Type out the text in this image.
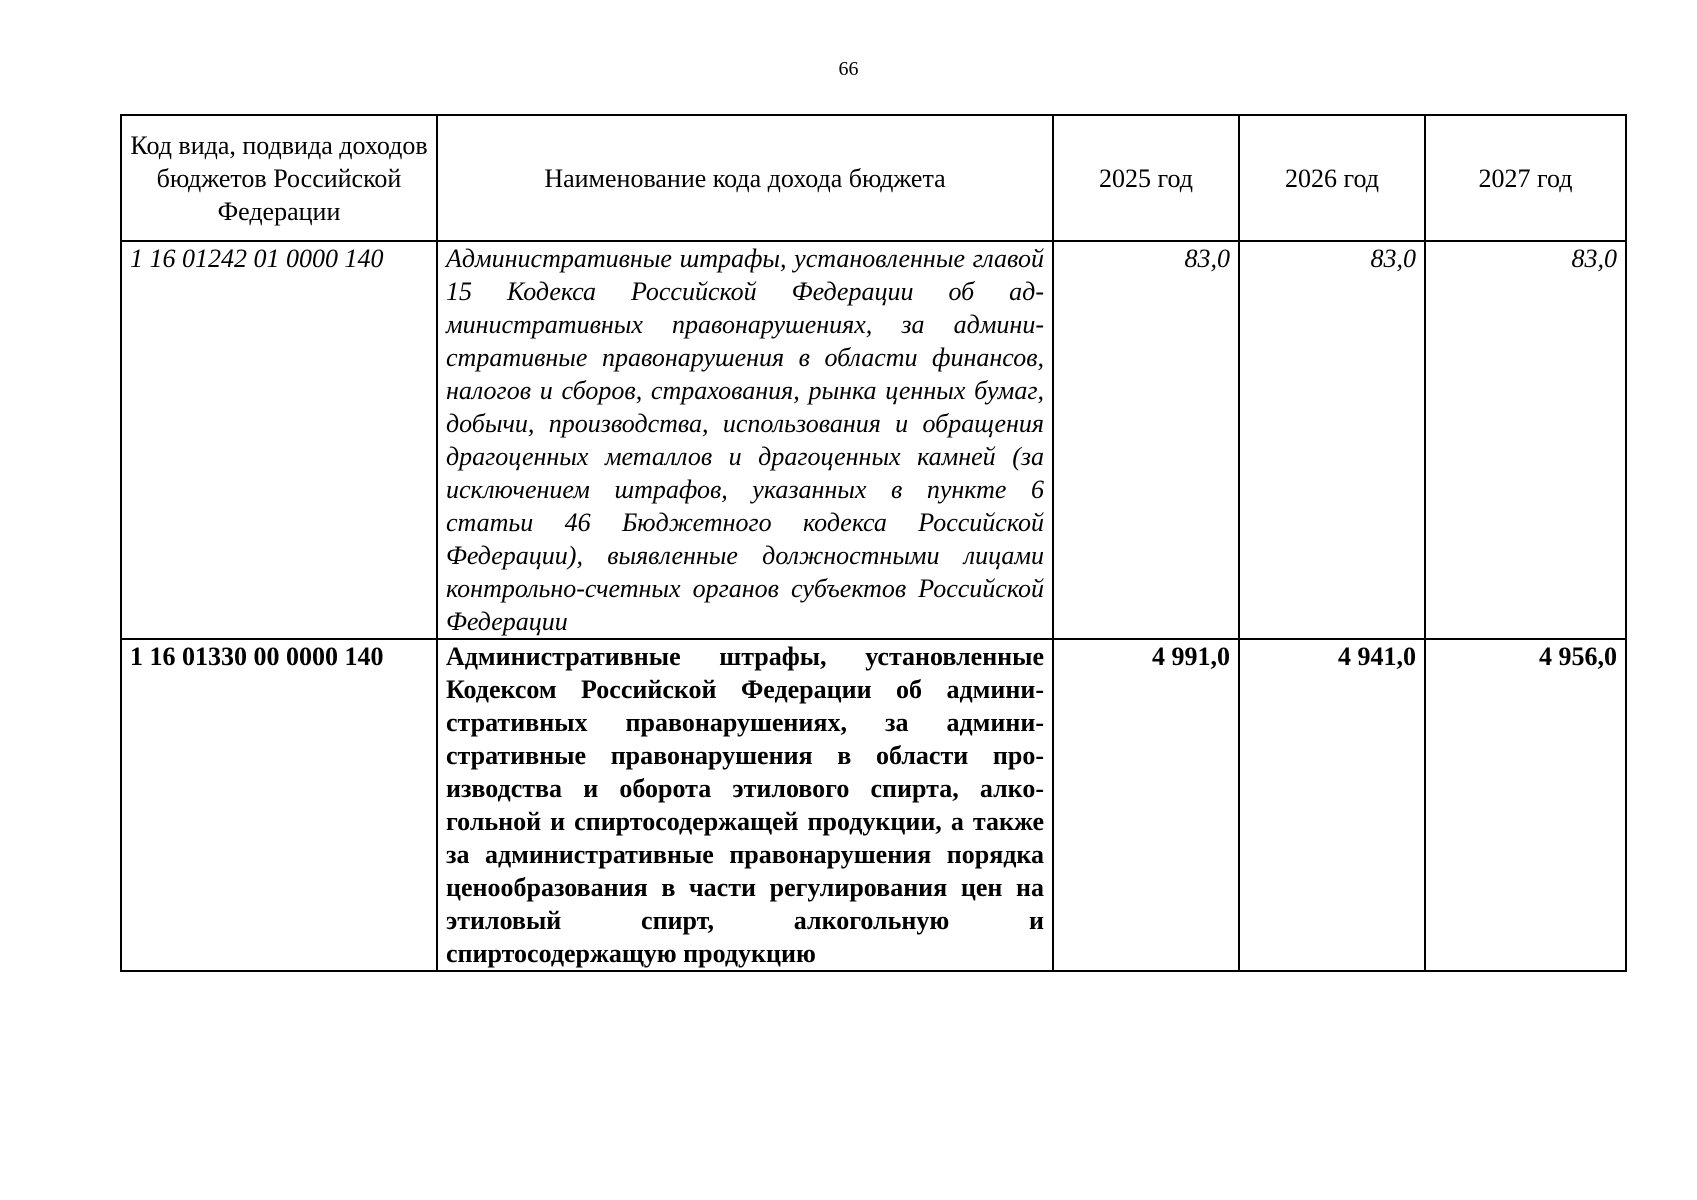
66
Код вида, подвида доходов бюджетов Российской Федерации	Наименование кода дохода бюджета	2025 год	2026 год	2027 год
1 16 01242 01 0000 140	Административные штрафы, установленные главой 15 Кодекса Российской Федерации об административных правонарушениях, за административные правонарушения в области финансов, налогов и сборов, страхования, рынка ценных бумаг, добычи, производства, использования и обращения драгоценных металлов и драгоценных камней (за исключением штрафов, указанных в пункте 6 статьи 46 Бюджетного кодекса Российской Федерации), выявленные должностными лицами контрольно-счетных органов субъектов Российской Федерации	83,0	83,0	83,0
1 16 01330 00 0000 140	Административные штрафы, установленные Кодексом Российской Федерации об административных правонарушениях, за административные правонарушения в области производства и оборота этилового спирта, алкогольной и спиртосодержащей продукции, а также за административные правонарушения порядка ценообразования в части регулирования цен на этиловый спирт, алкогольную и спиртосодержащую продукцию	4 991,0	4 941,0	4 956,0
